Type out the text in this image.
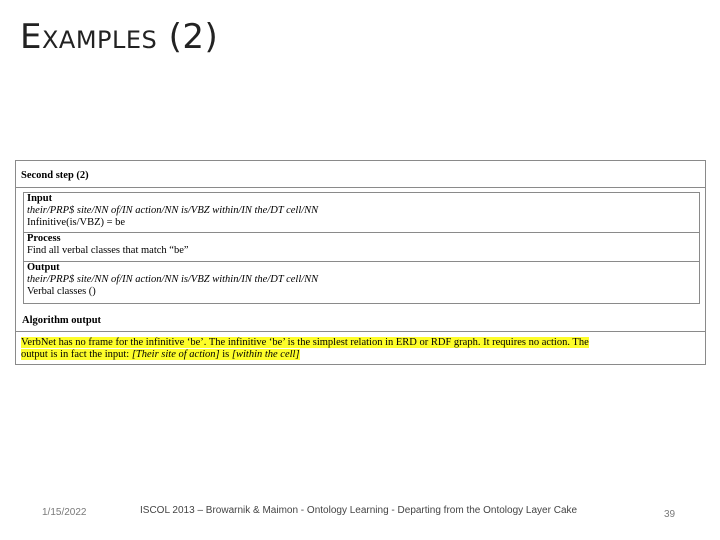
EXAMPLES (2)
Second step (2)
Input
their/PRP$ site/NN of/IN action/NN is/VBZ within/IN the/DT cell/NN
Infinitive(is/VBZ) = be
Process
Find all verbal classes that match “be”
Output
their/PRP$ site/NN of/IN action/NN is/VBZ within/IN the/DT cell/NN
Verbal classes ()
Algorithm output
VerbNet has no frame for the infinitive ‘be’. The infinitive ‘be’ is the simplest relation in ERD or RDF graph. It requires no action. The
output is in fact the input: [Their site of action] is [within the cell]
1/15/2022	ISCOL 2013 – Browarnik & Maimon - Ontology Learning - Departing from the Ontology Layer Cake	39
